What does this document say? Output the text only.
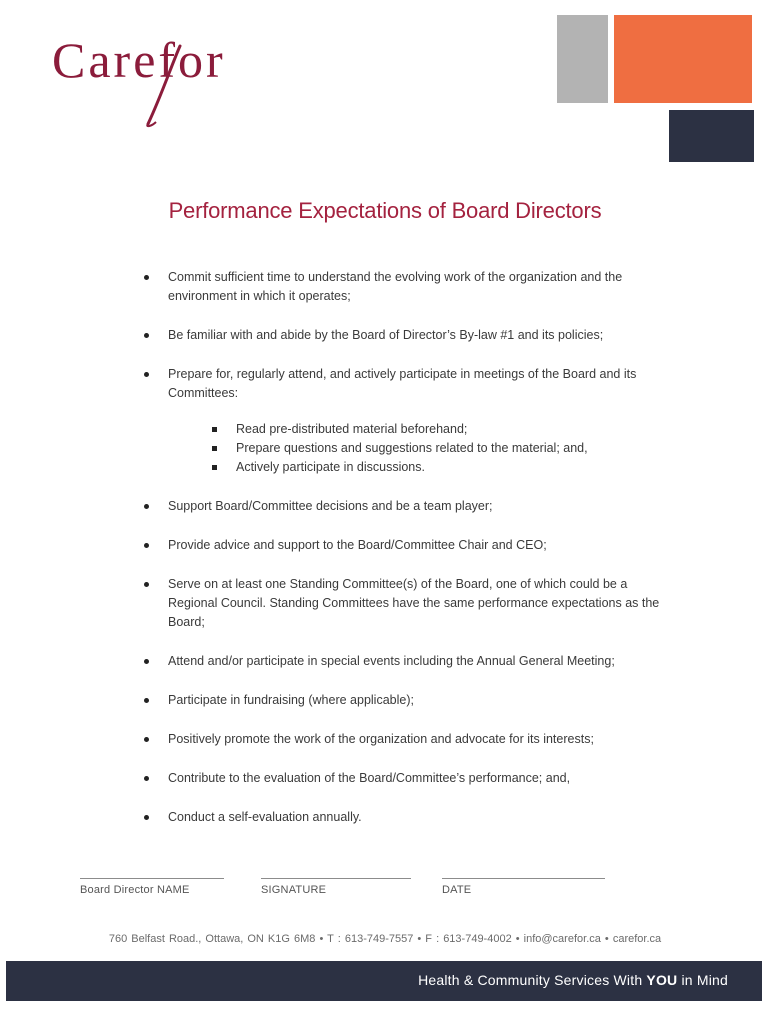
Carefor
Performance Expectations of Board Directors
Commit sufficient time to understand the evolving work of the organization and the environment in which it operates;
Be familiar with and abide by the Board of Director’s By-law #1 and its policies;
Prepare for, regularly attend, and actively participate in meetings of the Board and its Committees:
Read pre-distributed material beforehand;
Prepare questions and suggestions related to the material; and,
Actively participate in discussions.
Support Board/Committee decisions and be a team player;
Provide advice and support to the Board/Committee Chair and CEO;
Serve on at least one Standing Committee(s) of the Board, one of which could be a Regional Council. Standing Committees have the same performance expectations as the Board;
Attend and/or participate in special events including the Annual General Meeting;
Participate in fundraising (where applicable);
Positively promote the work of the organization and advocate for its interests;
Contribute to the evaluation of the Board/Committee’s performance; and,
Conduct a self-evaluation annually.
Board Director NAME	SIGNATURE	DATE
760 Belfast Road., Ottawa, ON K1G 6M8 • T : 613-749-7557 • F : 613-749-4002 • info@carefor.ca • carefor.ca
Health & Community Services With YOU in Mind
